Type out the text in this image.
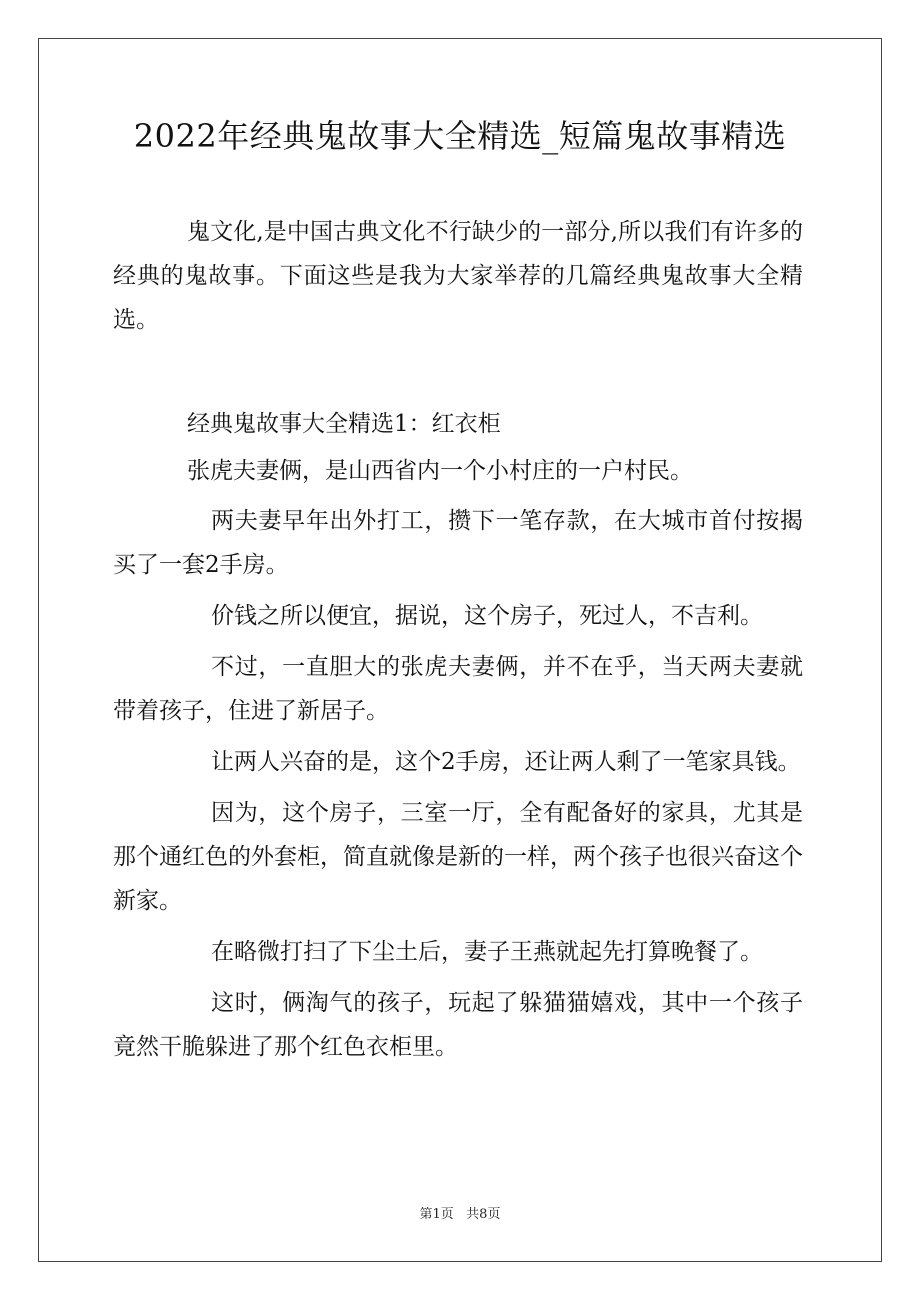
2022年经典鬼故事大全精选_短篇鬼故事精选

鬼文化,是中国古典文化不行缺少的一部分,所以我们有许多的经典的鬼故事。下面这些是我为大家举荐的几篇经典鬼故事大全精选。

经典鬼故事大全精选1：红衣柜

张虎夫妻俩，是山西省内一个小村庄的一户村民。

两夫妻早年出外打工，攒下一笔存款，在大城市首付按揭买了一套2手房。

价钱之所以便宜，据说，这个房子，死过人，不吉利。

不过，一直胆大的张虎夫妻俩，并不在乎，当天两夫妻就带着孩子，住进了新居子。

让两人兴奋的是，这个2手房，还让两人剩了一笔家具钱。

因为，这个房子，三室一厅，全有配备好的家具，尤其是那个通红色的外套柜，简直就像是新的一样，两个孩子也很兴奋这个新家。

在略微打扫了下尘土后，妻子王燕就起先打算晚餐了。

这时，俩淘气的孩子，玩起了躲猫猫嬉戏，其中一个孩子竟然干脆躲进了那个红色衣柜里。

第1页   共8页
